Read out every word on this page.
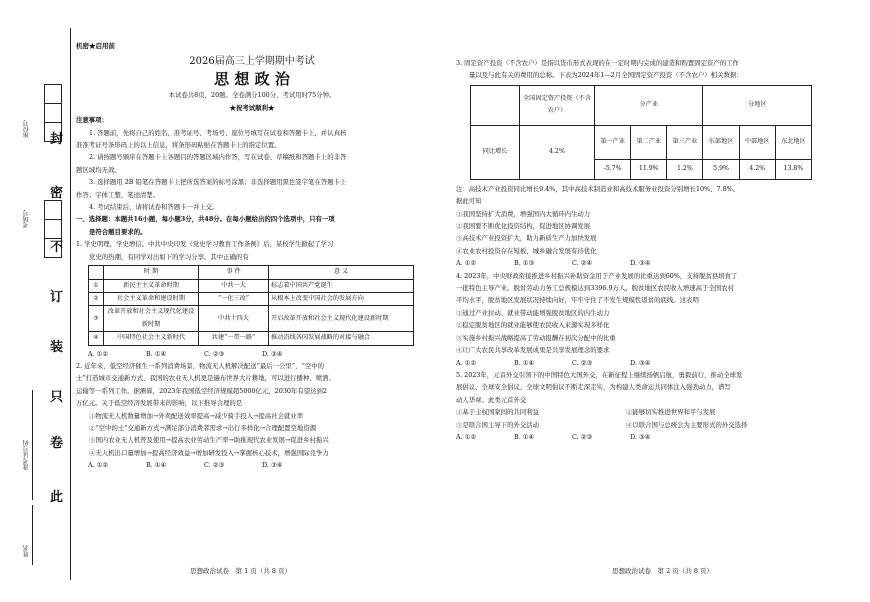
座位号
考场号
准考证号码
姓名
封
密
不
订
装
只
卷
此

机密★启用前

2026届高三上学期期中考试

思 想 政 治

本试卷共8页，20题。全卷满分100分，考试用时75分钟。

★祝考试顺利★

注意事项：

1. 答题前，先将自己的姓名、准考证号、考场号、座位号填写在试卷和答题卡上，并认真核

准准考证号条形码上的以上信息，将条形码粘贴在答题卡上的指定位置。

2. 请按题号顺序在答题卡上各题目的答题区域内作答，写在试卷、草稿纸和答题卡上的非答

题区域均无效。

3. 选择题用 2B 铅笔在答题卡上把所选答案的标号涂黑；非选择题用黑色签字笔在答题卡上

作答；字体工整，笔迹清楚。

4. 考试结束后，请将试卷和答题卡一并上交。

一、选择题：本题共16小题，每小题3分，共48分。在每小题给出的四个选项中，只有一项

是符合题目要求的。

1. 学史明理，学史增信。中共中央印发《党史学习教育工作条例》后，某校学生掀起了学习

党史的热潮，有同学对出如下的学习分享。其中正确的有

	时 期	事 件	意 义
①	新民主主义革命时期	中共一大	标志着中国共产党诞生
②	社会主义革命和建设时期	“一化三改”	从根本上改变中国社会的发展方向
③	改革开放和社会主义现代化建设新时期	中共十四大	开启改革开放和社会主义现代化建设新时期
④	中国特色社会主义新时代	共建“一带一路”	推动沿线各国发展战略的对接与融合
A. ①②	B. ①④	C. ②③	D. ③④

2. 近年来，低空经济催生一系列消费场景，物流无人机解决配送“最后一公里”，“空中的

士”打造城市交通新方式，我国的农业无人机更是遍布世界大片耕地，可以进行播种、喷洒、

运输等一系列工作。据测算，2023年我国低空经济规模超5000亿元，2030年有望达到2

万亿元。关于低空经济发展带来的影响，以下推导合理的是

①物流无人机数量增加→外卖配送效率提高→减少骑手投入→提高社会就业率

②“空中的士”交通新方式→满足部分消费者需求→出行多样化→合理配置空地资源

③国内农业无人机普及使用→提高农业劳动生产率→助推现代农业发展→促进乡村振兴

④无人机出口量增加→提高经济效益→增加研发投入→掌握核心技术，增强国际竞争力

A. ①②	B. ①④	C. ②③	D. ③④

3. 固定资产投资（不含农户）是指以货币形式表现的在一定时期内完成的建造和购置固定资产的工作

量以及与此有关的费用的总称。下表为2024年1—2月全国固定资产投资（不含农户）相关数据：

	全国固定资产投资（不含农户）	分产业			分地区		
同比增长	4.2%	第一产业	第二产业	第三产业	东部地区	中部地区	东北地区
		-5.7%	11.9%	1.2%	5.9%	4.2%	13.8%

注：高技术产业投资同比增长9.4%，其中高技术制造业和高技术服务业投资分别增长10%、7.8%。

据此可知

①我国坚持扩大消费，增强国内大循环内生动力

②我国要不断优化投资结构，促进地区协调发展

③高技术产业投资扩大，助力新质生产力加快发展

④农业农村投资存在短板，城乡融合发展有待优化

A. ①②	B. ①③	C. ②④	D. ③④

4. 2023年，中央财政衔接推进乡村振兴补助资金用于产业发展的比重达到60%，支持脱贫县培育了

一批特色主导产业。脱贫劳动力务工总规模达到3396.9万人，脱贫地区农民收入增速高于全国农村

平均水平，脱贫地区发展状况持续向好，牢牢守住了不发生规模性返贫的底线。这表明

①通过产业拉动、就业带动能增强脱贫地区的内生动力

②稳定脱贫地区的就业能够使农民收入来源实现多样化

③实施乡村振兴战略提高了劳动报酬在初次分配中的比重

④让广大农民共享改革发展成果是共享发展理念的要求

A. ①②	B. ①④	C. ②③	D. ③④

5. 2023年，元首外交引领下的中国特色大国外交，在新征程上继续扬帆启航，勇毅前行，推动全球发

展倡议、全球安全倡议、全球文明倡议不断走深走实，为构建人类命运共同体注入强劲动力，谱写

动人华章。此类元首外交

①基于主权国家间的共同利益	②能够切实推进世界和平与发展
③是联合国主导下的外交活动	④以联合国与总统会为主要形式的外交选择
A. ①②	B. ①④	C. ②③	D. ③④
思想政治试卷　第 1 页（共 8 页）	思想政治试卷　第 2 页（共 8 页）
